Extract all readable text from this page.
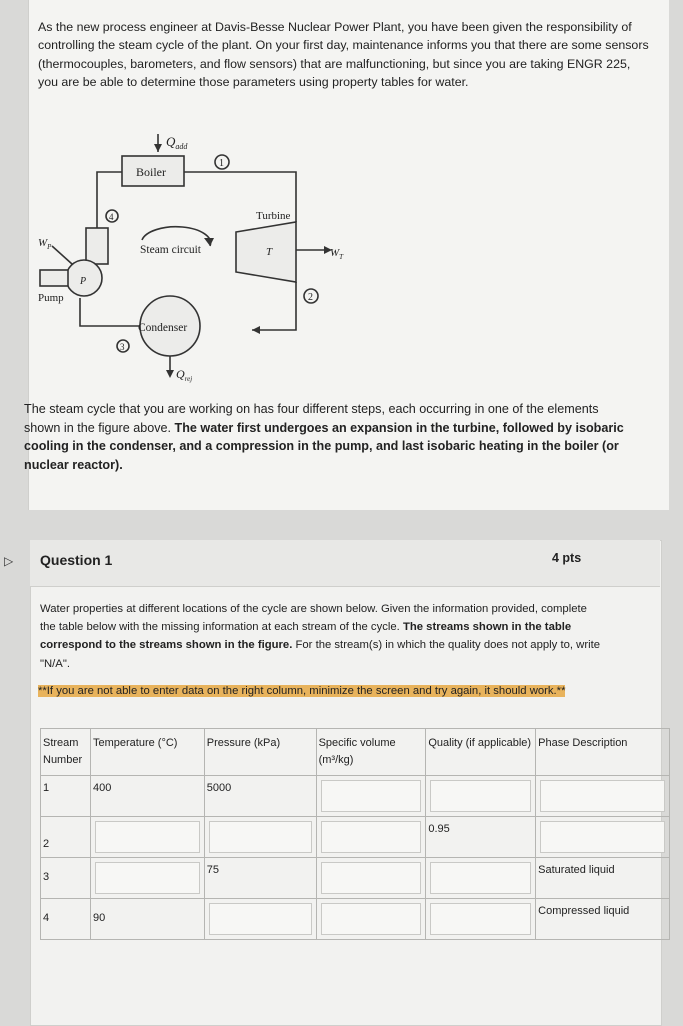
As the new process engineer at Davis-Besse Nuclear Power Plant, you have been given the responsibility of controlling the steam cycle of the plant. On your first day, maintenance informs you that there are some sensors (thermocouples, barometers, and flow sensors) that are malfunctioning, but since you are taking ENGR 225, you are be able to determine those parameters using property tables for water.

$Q_{add}$
Boiler
Turbine
T	$W_T$
Steam circuit
Condenser
Pump
P
$W_P$
$Q_{rej}$
1
4
2
3

The steam cycle that you are working on has four different steps, each occurring in one of the elements shown in the figure above. The water first undergoes an expansion in the turbine, followed by isobaric cooling in the condenser, and a compression in the pump, and last isobaric heating in the boiler (or nuclear reactor).

▷	Question 1	4 pts

Water properties at different locations of the cycle are shown below. Given the information provided, complete the table below with the missing information at each stream of the cycle. The streams shown in the table correspond to the streams shown in the figure. For the stream(s) in which the quality does not apply to, write "N/A".

**If you are not able to enter data on the right column, minimize the screen and try again, it should work.**

Stream Number	Temperature (°C)	Pressure (kPa)	Specific volume (m³/kg)	Quality (if applicable)	Phase Description

1	400	5000			

2				0.95	

3		75			Saturated liquid

4	90				Compressed liquid
